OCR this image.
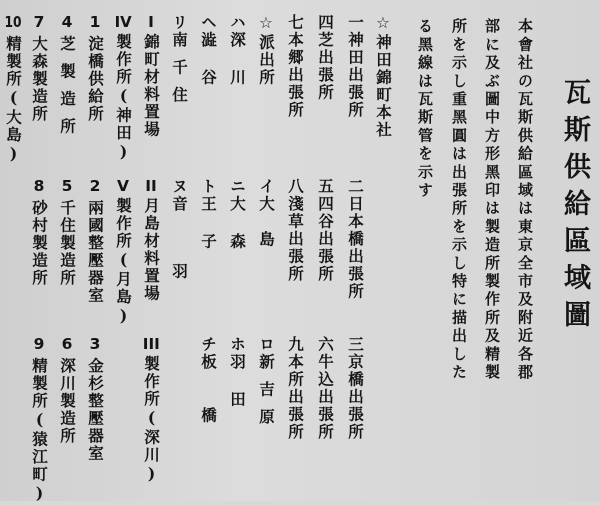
瓦斯供給區域圖
本會社の瓦斯供給區域は東京全市及附近各郡
部に及ぶ圖中方形黑印は製造所製作所及精製
所を示し重黑圓は出張所を示し特に描出した
る黑線は瓦斯管を示す
☆神田錦町本社
一神田出張所
二日本橋出張所
三京橋出張所
四芝出張所
五四谷出張所
六牛込出張所
七本郷出張所
八淺草出張所
九本所出張所
☆派出所
イ大島
ロ新吉原
ハ深川
ニ大森
ホ羽田
ヘ澁谷
ト王子
チ板橋
リ南千住
ヌ音羽
I錦町材料置場
II月島材料置場
III製作所(深川)
IV製作所(神田)
V製作所(月島)
1淀橋供給所
2兩國整壓器室
3金杉整壓器室
4芝製造所
5千住製造所
6深川製造所
7大森製造所
8砂村製造所
9精製所(猿江町)
10精製所(大島)
